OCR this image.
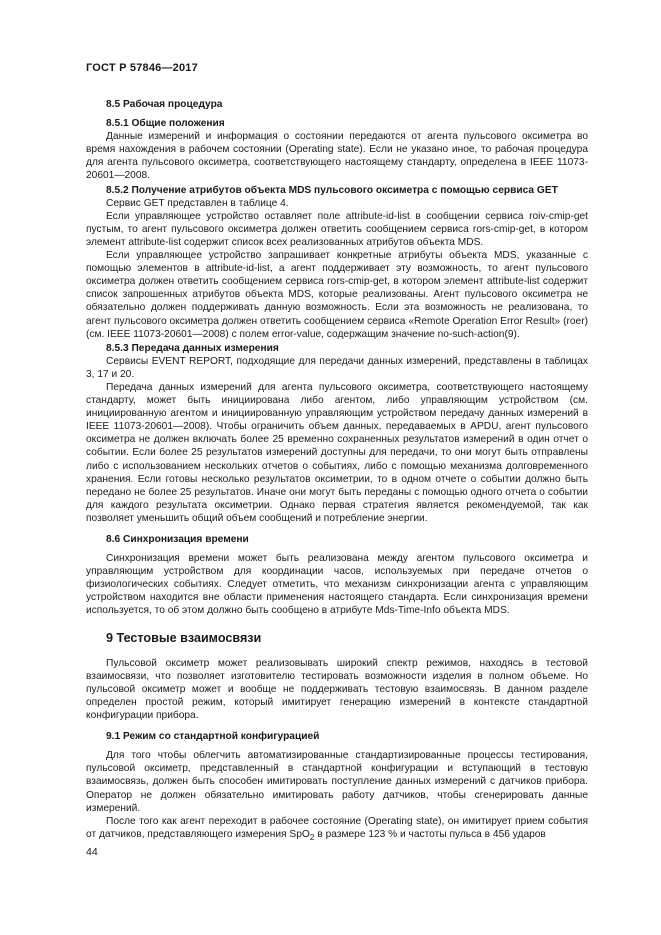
ГОСТ Р 57846—2017
8.5 Рабочая процедура
8.5.1 Общие положения

Данные измерений и информация о состоянии передаются от агента пульсового оксиметра во время нахождения в рабочем состоянии (Operating state). Если не указано иное, то рабочая процедура для агента пульсового оксиметра, соответствующего настоящему стандарту, определена в IEEE 11073-20601—2008.

8.5.2 Получение атрибутов объекта MDS пульсового оксиметра с помощью сервиса GET

Сервис GET представлен в таблице 4.

Если управляющее устройство оставляет поле attribute-id-list в сообщении сервиса roiv-cmip-get пустым, то агент пульсового оксиметра должен ответить сообщением сервиса rors-cmip-get, в котором элемент attribute-list содержит список всех реализованных атрибутов объекта MDS.

Если управляющее устройство запрашивает конкретные атрибуты объекта MDS, указанные с помощью элементов в attribute-id-list, а агент поддерживает эту возможность, то агент пульсового оксиметра должен ответить сообщением сервиса rors-cmip-get, в котором элемент attribute-list содержит список запрошенных атрибутов объекта MDS, которые реализованы. Агент пульсового оксиметра не обязательно должен поддерживать данную возможность. Если эта возможность не реализована, то агент пульсового оксиметра должен ответить сообщением сервиса «Remote Operation Error Result» (roer) (см. IEEE 11073-20601—2008) с полем error-value, содержащим значение no-such-action(9).

8.5.3 Передача данных измерения

Сервисы EVENT REPORT, подходящие для передачи данных измерений, представлены в таблицах 3, 17 и 20.

Передача данных измерений для агента пульсового оксиметра, соответствующего настоящему стандарту, может быть инициирована либо агентом, либо управляющим устройством (см. инициированную агентом и инициированную управляющим устройством передачу данных измерений в IEEE 11073-20601—2008). Чтобы ограничить объем данных, передаваемых в APDU, агент пульсового оксиметра не должен включать более 25 временно сохраненных результатов измерений в один отчет о событии. Если более 25 результатов измерений доступны для передачи, то они могут быть отправлены либо с использованием нескольких отчетов о событиях, либо с помощью механизма долговременного хранения. Если готовы несколько результатов оксиметрии, то в одном отчете о событии должно быть передано не более 25 результатов. Иначе они могут быть переданы с помощью одного отчета о событии для каждого результата оксиметрии. Однако первая стратегия является рекомендуемой, так как позволяет уменьшить общий объем сообщений и потребление энергии.

8.6 Синхронизация времени

Синхронизация времени может быть реализована между агентом пульсового оксиметра и управляющим устройством для координации часов, используемых при передаче отчетов о физиологических событиях. Следует отметить, что механизм синхронизации агента с управляющим устройством находится вне области применения настоящего стандарта. Если синхронизация времени используется, то об этом должно быть сообщено в атрибуте Mds-Time-Info объекта MDS.

9 Тестовые взаимосвязи

Пульсовой оксиметр может реализовывать широкий спектр режимов, находясь в тестовой взаимосвязи, что позволяет изготовителю тестировать возможности изделия в полном объеме. Но пульсовой оксиметр может и вообще не поддерживать тестовую взаимосвязь. В данном разделе определен простой режим, который имитирует генерацию измерений в контексте стандартной конфигурации прибора.

9.1 Режим со стандартной конфигурацией

Для того чтобы облегчить автоматизированные стандартизированные процессы тестирования, пульсовой оксиметр, представленный в стандартной конфигурации и вступающий в тестовую взаимосвязь, должен быть способен имитировать поступление данных измерений с датчиков прибора. Оператор не должен обязательно имитировать работу датчиков, чтобы сгенерировать данные измерений.

После того как агент переходит в рабочее состояние (Operating state), он имитирует прием события от датчиков, представляющего измерения SpO$_2$ в размере 123 % и частоты пульса в 456 ударов

44
